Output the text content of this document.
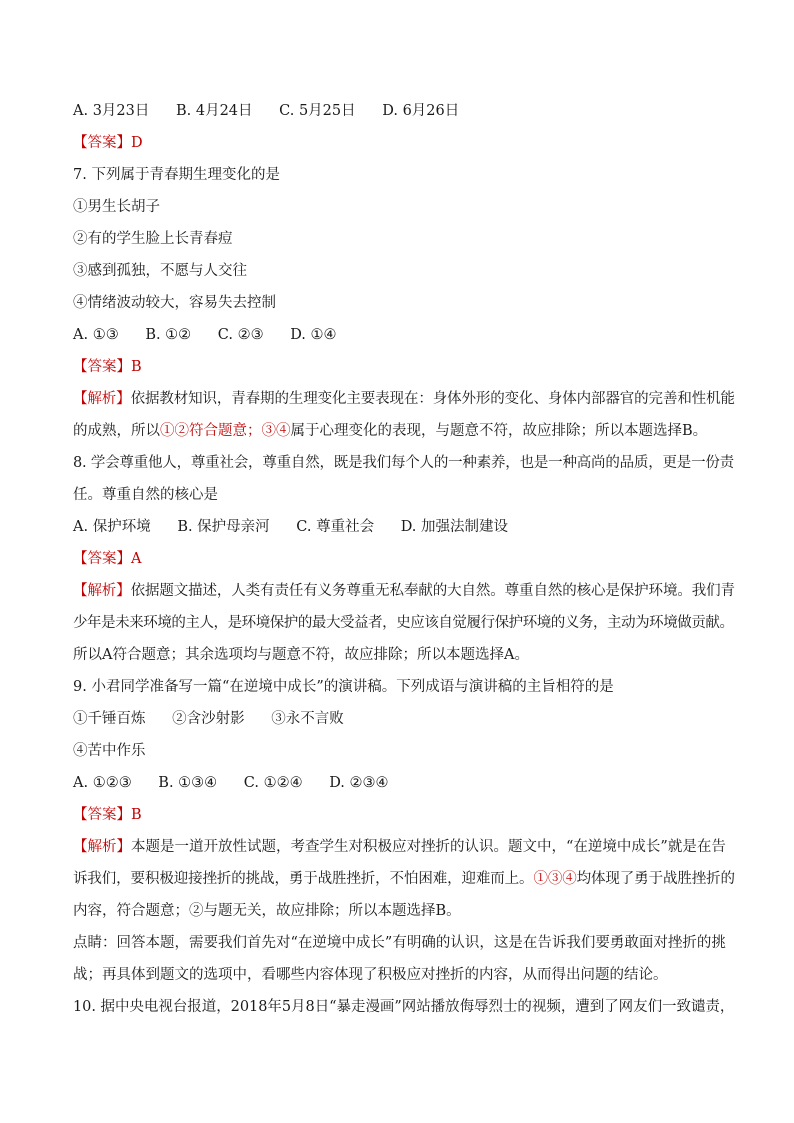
A. 3月23日 B. 4月24日 C. 5月25日 D. 6月26日
【答案】D
7. 下列属于青春期生理变化的是
①男生长胡子
②有的学生脸上长青春痘
③感到孤独，不愿与人交往
④情绪波动较大，容易失去控制
A. ①③ B. ①② C. ②③ D. ①④
【答案】B
【解析】依据教材知识，青春期的生理变化主要表现在：身体外形的变化、身体内部器官的完善和性机能
的成熟，所以①②符合题意；③④属于心理变化的表现，与题意不符，故应排除；所以本题选择B。
8. 学会尊重他人，尊重社会，尊重自然，既是我们每个人的一种素养，也是一种高尚的品质，更是一份责
任。尊重自然的核心是
A. 保护环境 B. 保护母亲河 C. 尊重社会 D. 加强法制建设
【答案】A
【解析】依据题文描述，人类有责任有义务尊重无私奉献的大自然。尊重自然的核心是保护环境。我们青
少年是未来环境的主人，是环境保护的最大受益者，史应该自觉履行保护环境的义务，主动为环境做贡献。
所以A符合题意；其余选项均与题意不符，故应排除；所以本题选择A。
9. 小君同学准备写一篇“在逆境中成长”的演讲稿。下列成语与演讲稿的主旨相符的是
①千锤百炼 ②含沙射影 ③永不言败
④苦中作乐
A. ①②③ B. ①③④ C. ①②④ D. ②③④
【答案】B
【解析】本题是一道开放性试题，考查学生对积极应对挫折的认识。题文中，“在逆境中成长”就是在告
诉我们，要积极迎接挫折的挑战，勇于战胜挫折，不怕困难，迎难而上。①③④均体现了勇于战胜挫折的
内容，符合题意；②与题无关，故应排除；所以本题选择B。
点睛：回答本题，需要我们首先对“在逆境中成长”有明确的认识，这是在告诉我们要勇敢面对挫折的挑
战；再具体到题文的选项中，看哪些内容体现了积极应对挫折的内容，从而得出问题的结论。
10. 据中央电视台报道，2018年5月8日“暴走漫画”网站播放侮辱烈士的视频，遭到了网友们一致谴责，
